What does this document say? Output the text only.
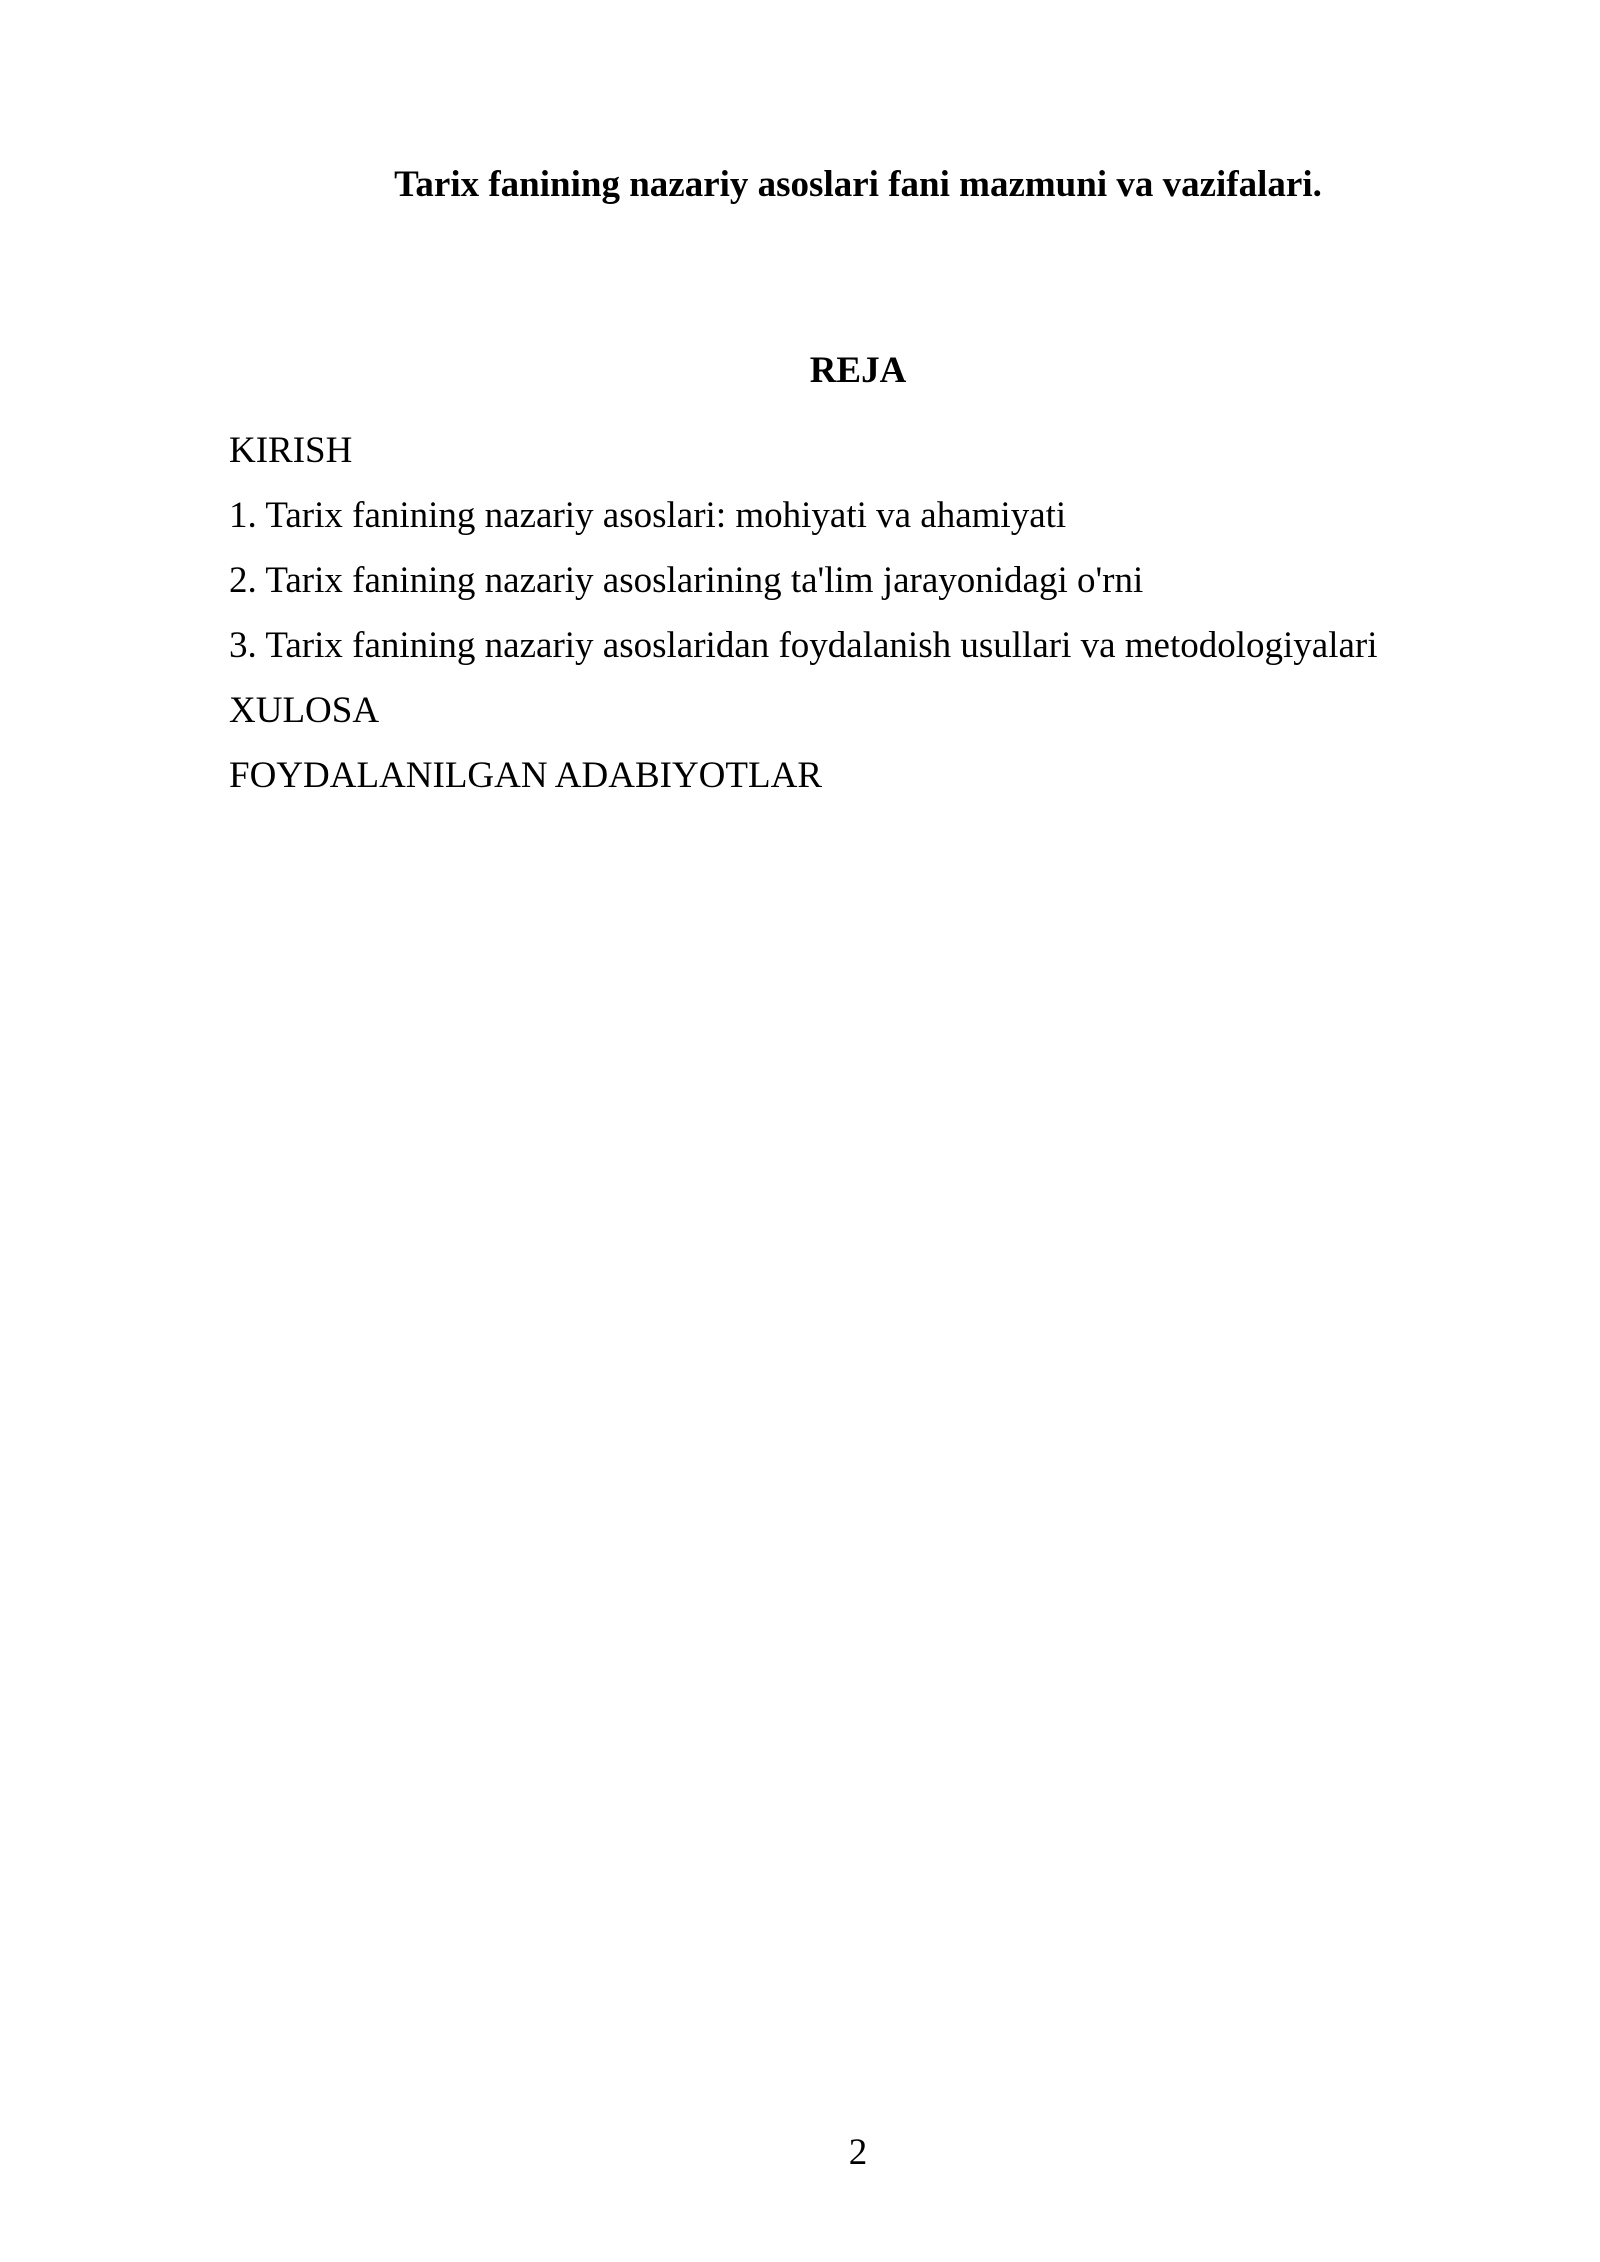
Tarix fanining nazariy asoslari fani mazmuni va vazifalari.
REJA
KIRISH
1. Tarix fanining nazariy asoslari: mohiyati va ahamiyati
2. Tarix fanining nazariy asoslarining ta'lim jarayonidagi o'rni
3. Tarix fanining nazariy asoslaridan foydalanish usullari va metodologiyalari
XULOSA
FOYDALANILGAN ADABIYOTLAR
2
